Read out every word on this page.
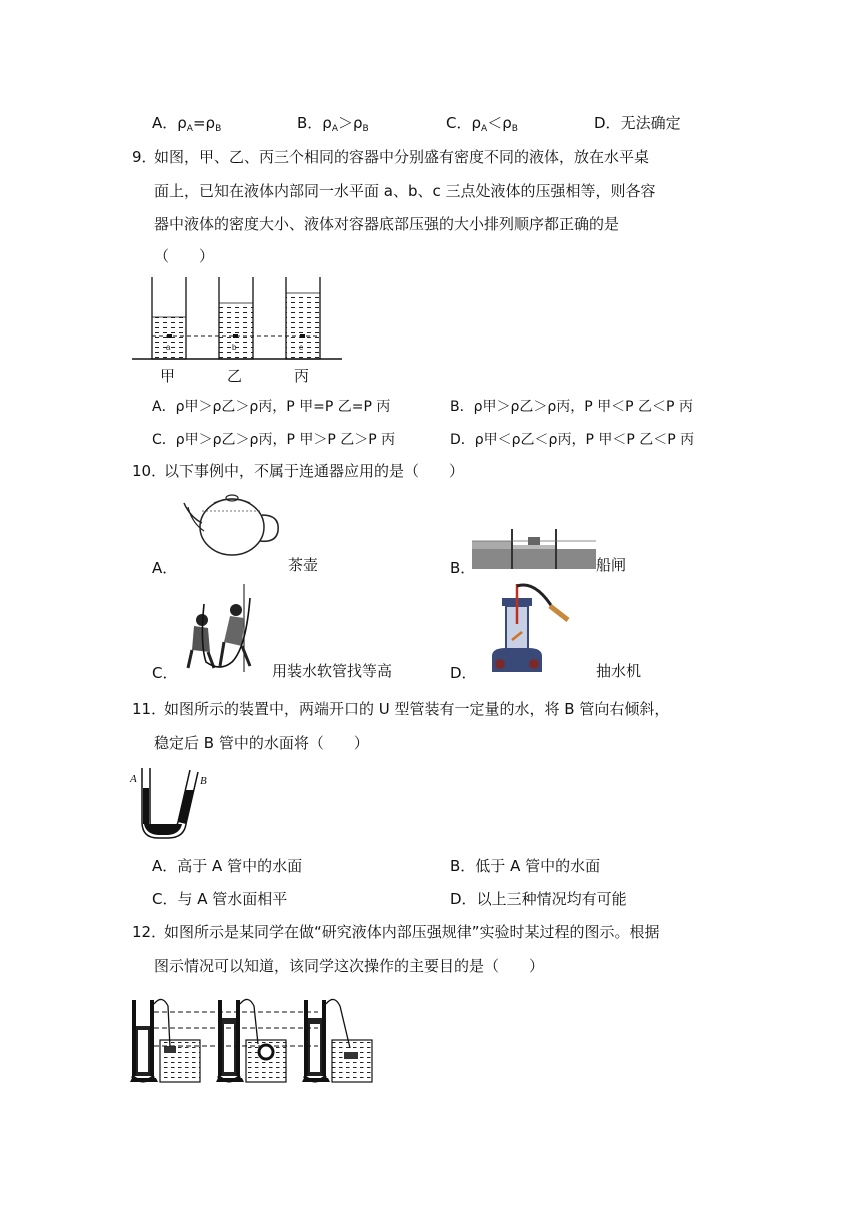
A．$\rho_A=\rho_B$	B．$\rho_A>\rho_B$	C．$\rho_A<\rho_B$	D．无法确定
9．
如图，甲、乙、丙三个相同的容器中分别盛有密度不同的液体，放在水平桌
面上，已知在液体内部同一水平面 a、b、c 三点处液体的压强相等，则各容
器中液体的密度大小、液体对容器底部压强的大小排列顺序都正确的是
（　　）
a	b	c
甲	乙	丙
A．ρ甲＞ρ乙＞ρ丙，P 甲=P 乙=P 丙	B．ρ甲＞ρ乙＞ρ丙，P 甲＜P 乙＜P 丙
C．ρ甲＞ρ乙＞ρ丙，P 甲＞P 乙＞P 丙	D．ρ甲＜ρ乙＜ρ丙，P 甲＜P 乙＜P 丙
10．
以下事例中，不属于连通器应用的是（　　）
A．	茶壶	B．	船闸
C．	用装水软管找等高	D．	抽水机
11．
如图所示的装置中，两端开口的 U 型管装有一定量的水，将 B 管向右倾斜，
稳定后 B 管中的水面将（　　）
A	B
A．高于 A 管中的水面	B．低于 A 管中的水面
C．与 A 管水面相平	D．以上三种情况均有可能
12．
如图所示是某同学在做“研究液体内部压强规律”实验时某过程的图示。根据
图示情况可以知道，该同学这次操作的主要目的是（　　）
